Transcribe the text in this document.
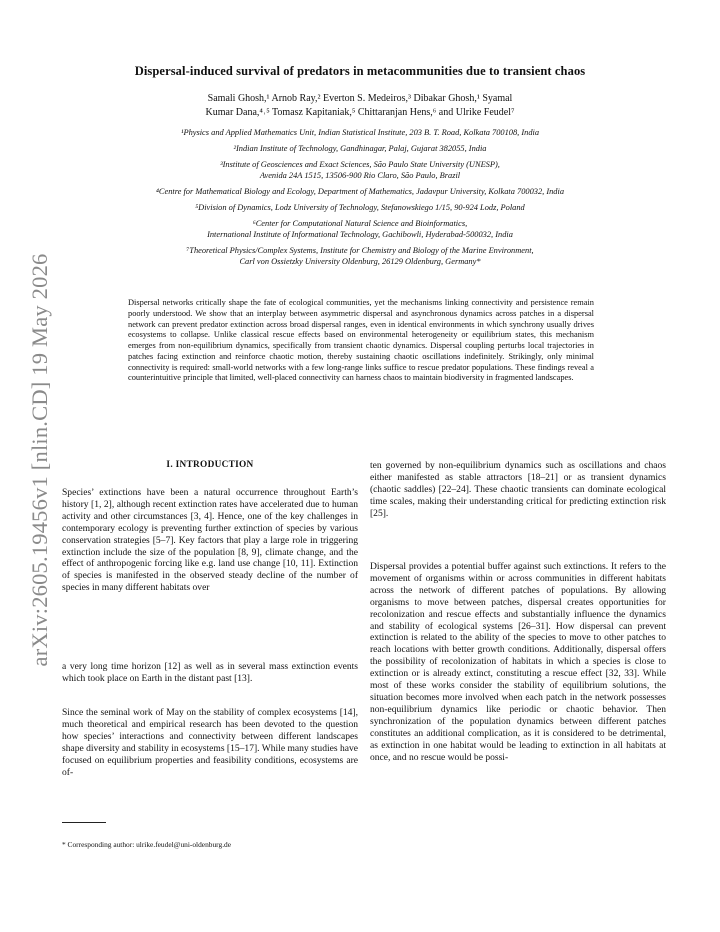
arXiv:2605.19456v1 [nlin.CD] 19 May 2026
Dispersal-induced survival of predators in metacommunities due to transient chaos
Samali Ghosh,¹ Arnob Ray,² Everton S. Medeiros,³ Dibakar Ghosh,¹ Syamal
Kumar Dana,⁴˒⁵ Tomasz Kapitaniak,⁵ Chittaranjan Hens,⁶ and Ulrike Feudel⁷
¹Physics and Applied Mathematics Unit, Indian Statistical Institute, 203 B. T. Road, Kolkata 700108, India
²Indian Institute of Technology, Gandhinagar, Palaj, Gujarat 382055, India
³Institute of Geosciences and Exact Sciences, São Paulo State University (UNESP),
Avenida 24A 1515, 13506-900 Rio Claro, São Paulo, Brazil
⁴Centre for Mathematical Biology and Ecology, Department of Mathematics, Jadavpur University, Kolkata 700032, India
⁵Division of Dynamics, Lodz University of Technology, Stefanowskiego 1/15, 90-924 Lodz, Poland
⁶Center for Computational Natural Science and Bioinformatics,
International Institute of Informational Technology, Gachibowli, Hyderabad-500032, India
⁷Theoretical Physics/Complex Systems, Institute for Chemistry and Biology of the Marine Environment,
Carl von Ossietzky University Oldenburg, 26129 Oldenburg, Germany*

Dispersal networks critically shape the fate of ecological communities, yet the mechanisms linking connectivity and persistence remain poorly understood. We show that an interplay between asymmetric dispersal and asynchronous dynamics across patches in a dispersal network can prevent predator extinction across broad dispersal ranges, even in identical environments in which synchrony usually drives ecosystems to collapse. Unlike classical rescue effects based on environmental heterogeneity or equilibrium states, this mechanism emerges from non-equilibrium dynamics, specifically from transient chaotic dynamics. Dispersal coupling perturbs local trajectories in patches facing extinction and reinforce chaotic motion, thereby sustaining chaotic oscillations indefinitely. Strikingly, only minimal connectivity is required: small-world networks with a few long-range links suffice to rescue predator populations. These findings reveal a counterintuitive principle that limited, well-placed connectivity can harness chaos to maintain biodiversity in fragmented landscapes.

I. INTRODUCTION

Species’ extinctions have been a natural occurrence throughout Earth’s history [1, 2], although recent extinction rates have accelerated due to human activity and other circumstances [3, 4]. Hence, one of the key challenges in contemporary ecology is preventing further extinction of species by various conservation strategies [5–7]. Key factors that play a large role in triggering extinction include the size of the population [8, 9], climate change, and the effect of anthropogenic forcing like e.g. land use change [10, 11]. Extinction of species is manifested in the observed steady decline of the number of species in many different habitats over

a very long time horizon [12] as well as in several mass extinction events which took place on Earth in the distant past [13].

Since the seminal work of May on the stability of complex ecosystems [14], much theoretical and empirical research has been devoted to the question how species’ interactions and connectivity between different landscapes shape diversity and stability in ecosystems [15–17]. While many studies have focused on equilibrium properties and feasibility conditions, ecosystems are of-

ten governed by non-equilibrium dynamics such as oscillations and chaos either manifested as stable attractors [18–21] or as transient dynamics (chaotic saddles) [22–24]. These chaotic transients can dominate ecological time scales, making their understanding critical for predicting extinction risk [25].

Dispersal provides a potential buffer against such extinctions. It refers to the movement of organisms within or across communities in different habitats across the network of different patches of populations. By allowing organisms to move between patches, dispersal creates opportunities for recolonization and rescue effects and substantially influence the dynamics and stability of ecological systems [26–31]. How dispersal can prevent extinction is related to the ability of the species to move to other patches to reach locations with better growth conditions. Additionally, dispersal offers the possibility of recolonization of habitats in which a species is close to extinction or is already extinct, constituting a rescue effect [32, 33]. While most of these works consider the stability of equilibrium solutions, the situation becomes more involved when each patch in the network possesses non-equilibrium dynamics like periodic or chaotic behavior. Then synchronization of the population dynamics between different patches constitutes an additional complication, as it is considered to be detrimental, as extinction in one habitat would be leading to extinction in all habitats at once, and no rescue would be possi-

* Corresponding author: ulrike.feudel@uni-oldenburg.de
